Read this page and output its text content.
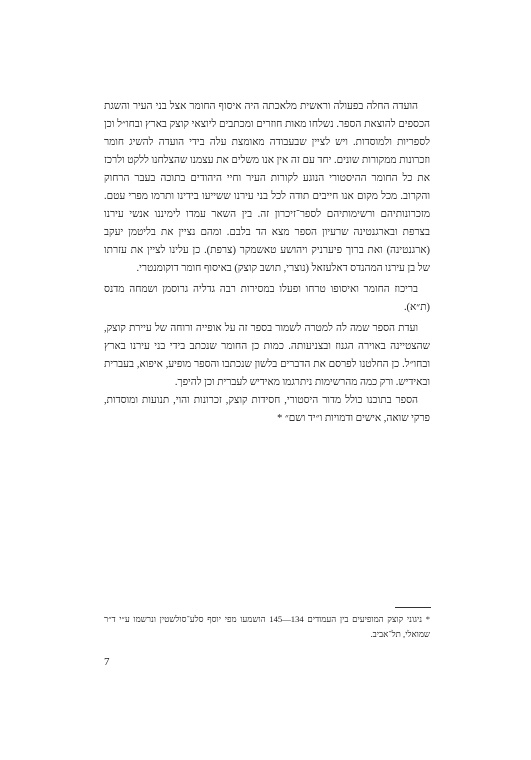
הועדה החלה בפעולה וראשית מלאכתה היה איסוף החומר אצל בני העיר והשגת הכספים להוצאת הספר. נשלחו מאות חוזרים ומכתבים ליוצאי קוצק בארץ ובחו״ל וכן לספריות ולמוסדות. ויש לציין שבעבודה מאומצת עלה בידי הועדה להשיג חומר וזכרונות ממקורות שונים. יחד עם זה אין אנו משלים את עצמנו שהצלחנו ללקט ולרכז את כל החומר ההיסטורי הנוגע לקורות העיר וחיי היהודים בתוכה בעבר הרחוק והקרוב. מכל מקום אנו חייבים תודה לכל בני עירנו ששייעו בידינו ותרמו מפרי עטם. מזכרונותיהם ורשימותיהם לספר־זיכרון זה. בין השאר עמדו לימיננו אנשי עירנו בצרפת ובארגנטינה שרעיון הספר מצא הד בלבם. ומהם נציין את בליטמן יעקב (ארגנטינה) ואת ברוך פיערניק ויהושע טאשמקר (צרפת). כן עלינו לציין את עזרתו של בן עירנו המהנדס דאלעזאל (נוצרי, תושב קוצק) באיסוף חומר דוקומנטרי.

בריכוז החומר ואיסופו טרחו ופעלו במסירות רבה גדליה גרוסמן ושמחה מדנס (ת״א).

ועדת הספר שמה לה למטרה לשמור בספר זה על אופייה ורוחה של עיירת קוצק, שהצטיינה באוירה הגנוז ובצניעותה. כמות כן החומר שנכתב בידי בני עירנו בארץ ובחו״ל. כן החלטנו לפרסם את הדברים בלשון שנכתבו והספר מופיע, איפוא, בעברית ובאידיש. ורק כמה מהרשימות ניתרגמו מאידיש לעברית וכן להיפך.

הספר בתוכנו כולל מדור היסטורי, חסידות קוצק, זכרונות והוי, תנועות ומוסדות, פרקי שואה, אישים ודמויות ו״יד ושם״ *

* ניגוני קוצק המופיעים בין העמודים 134—145 הושמעו מפי יוסף סלע־סולשטין ונרשמו ע״י ד״ר שמואלי, תל־אביב.
7
